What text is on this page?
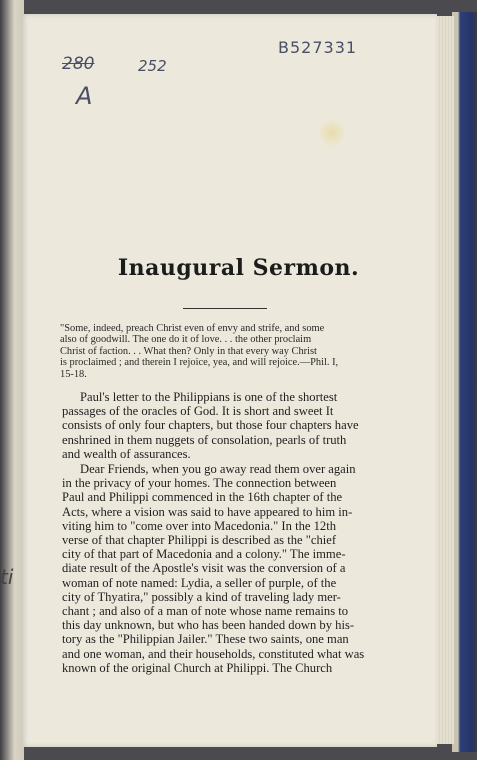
ti
280	252
B527331
A
Inaugural Sermon.
"Some, indeed, preach Christ even of envy and strife, and some
also of goodwill. The one do it of love. . . the other proclaim
Christ of faction. . . What then? Only in that every way Christ
is proclaimed ; and therein I rejoice, yea, and will rejoice.—Phil. I,
15-18.
Paul's letter to the Philippians is one of the shortest
passages of the oracles of God. It is short and sweet It
consists of only four chapters, but those four chapters have
enshrined in them nuggets of consolation, pearls of truth
and wealth of assurances.
Dear Friends, when you go away read them over again
in the privacy of your homes. The connection between
Paul and Philippi commenced in the 16th chapter of the
Acts, where a vision was said to have appeared to him in-
viting him to "come over into Macedonia." In the 12th
verse of that chapter Philippi is described as the "chief
city of that part of Macedonia and a colony." The imme-
diate result of the Apostle's visit was the conversion of a
woman of note named: Lydia, a seller of purple, of the
city of Thyatira," possibly a kind of traveling lady mer-
chant ; and also of a man of note whose name remains to
this day unknown, but who has been handed down by his-
tory as the "Philippian Jailer." These two saints, one man
and one woman, and their households, constituted what was
known of the original Church at Philippi. The Church
